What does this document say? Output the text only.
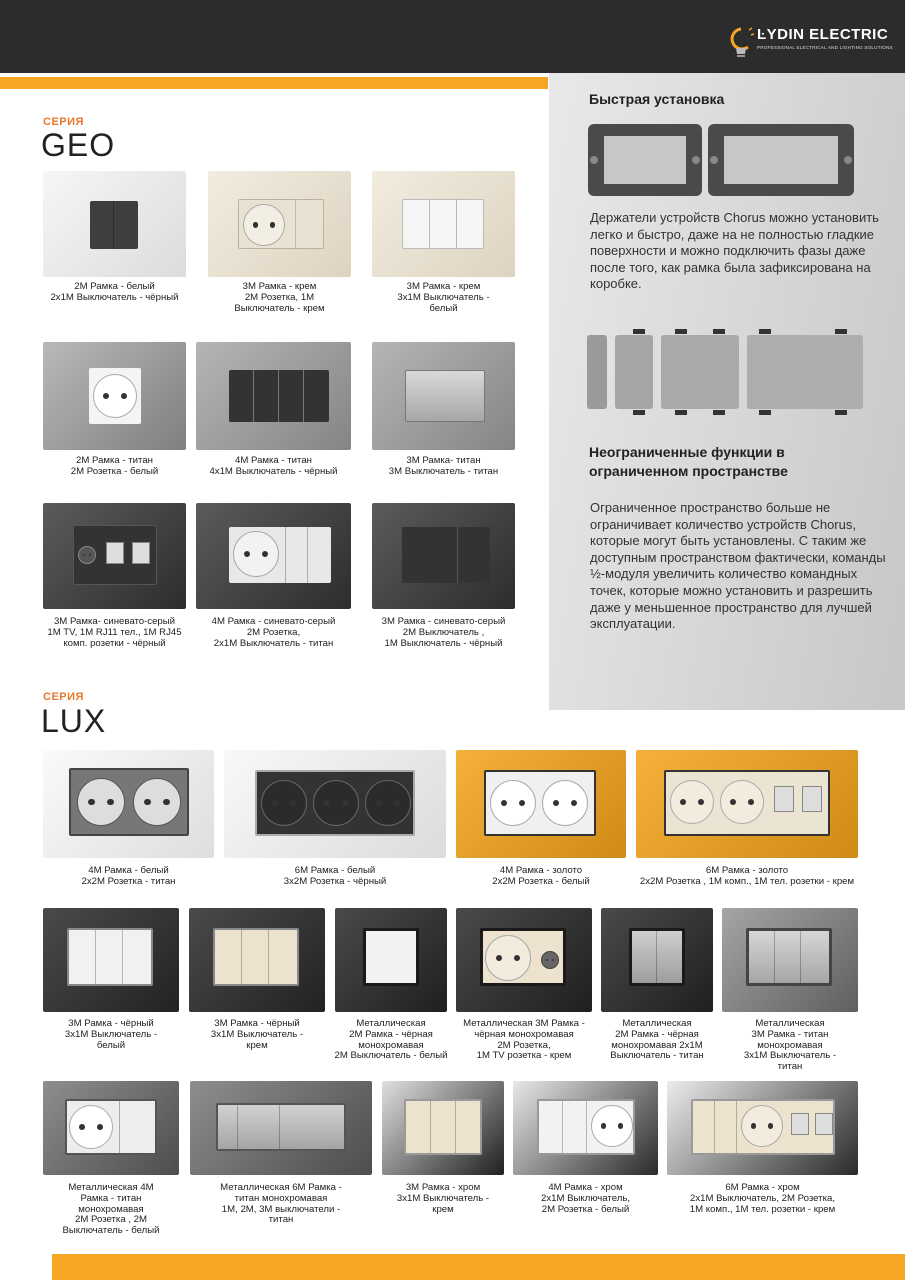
ĿYDIN ELECTRIC
PROFESSIONAL ELECTRICAL AND LIGHTING SOLUTIONS
Быстрая установка

Держатели устройств Chorus можно установить легко и быстро, даже на не полностью гладкие поверхности и можно подключить фазы даже после того, как рамка была зафиксирована на коробке.

Неограниченные функции в ограниченном пространстве

Ограниченное пространство больше не ограничивает количество устройств Chorus, которые могут быть установлены. С таким же доступным пространством фактически, команды ½-модуля увеличить количество командных точек, которые можно установить и разрешить даже у меньшенное пространство для лучшей эксплуатации.

СЕРИЯ
GEO
2M Рамка - белый
2x1M Выключатель - чёрный
3M Рамка - крем
2M Розетка, 1M
Выключатель - крем
3M Рамка - крем
3x1M Выключатель -
белый
2M Рамка - титан
2M Розетка - белый
4M Рамка - титан
4x1M Выключатель - чёрный
3M Рамка- титан
3M Выключатель - титан
3M Рамка- синевато-серый
1M TV, 1M RJ11 тел., 1M RJ45
комп. розетки - чёрный
4M Рамка - синевато-серый
2M Розетка,
2x1M Выключатель - титан
3M Рамка - синевато-серый
2M Выключатель ,
1M Выключатель - чёрный
СЕРИЯ
LUX
4M Рамка - белый
2x2M Розетка - титан
6M Рамка - белый
3x2M Розетка - чёрный
4M Рамка - золото
2x2M Розетка - белый
6M Рамка - золото
2x2M Розетка , 1M комп., 1M тел. розетки - крем
3M Рамка - чёрный
3x1M Выключатель -
белый
3M Рамка - чёрный
3x1M Выключатель -
крем
Металлическая
2M Рамка - чёрная
монохромавая
2M Выключатель - белый
Металлическая 3M Рамка -
чёрная монохромавая
2M Розетка,
1M TV розетка - крем
Металлическая
2M Рамка - чёрная
монохромавая 2x1M
Выключатель - титан
Металлическая
3M Рамка - титан
монохромавая
3x1M Выключатель -
титан
Металлическая 4M
Рамка - титан
монохромавая
2M Розетка , 2M
Выключатель - белый
Металлическая 6M Рамка -
титан монохромавая
1M, 2M, 3M выключатели -
титан
3M Рамка - хром
3x1M Выключатель -
крем
4M Рамка - хром
2x1M Выключатель,
2M Розетка - белый
6M Рамка - хром
2x1M Выключатель, 2M Розетка,
1M комп., 1M тел. розетки - крем
